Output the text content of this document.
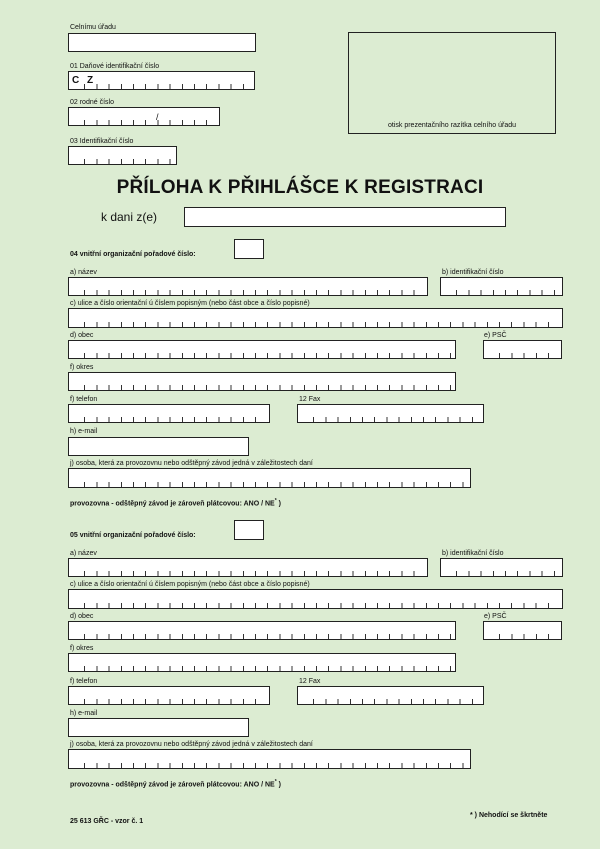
Celnímu úřadu
01 Daňové identifikační číslo
C Z
02 rodné číslo
/
03 Identifikační číslo
otisk prezentačního razítka celního úřadu
PŘÍLOHA K PŘIHLÁŠCE K REGISTRACI
k dani z(e)
04 vnitřní organizační pořadové číslo:
a) název	b) identifikační číslo
c) ulice a číslo orientační ú číslem popisným (nebo část obce a číslo popisné)
d) obec	e) PSČ
f) okres
f) telefon	12 Fax
h) e-mail
j) osoba, která za provozovnu nebo odštěpný závod jedná v záležitostech daní
provozovna - odštěpný závod je zároveň plátcovou: ANO / NE* )
05 vnitřní organizační pořadové číslo:
a) název	b) identifikační číslo
c) ulice a číslo orientační ú číslem popisným (nebo část obce a číslo popisné)
d) obec	e) PSČ
f) okres
f) telefon	12 Fax
h) e-mail
j) osoba, která za provozovnu nebo odštěpný závod jedná v záležitostech daní
provozovna - odštěpný závod je zároveň plátcovou: ANO / NE* )
25 613 GŘC - vzor č. 1
* ) Nehodící se škrtněte
